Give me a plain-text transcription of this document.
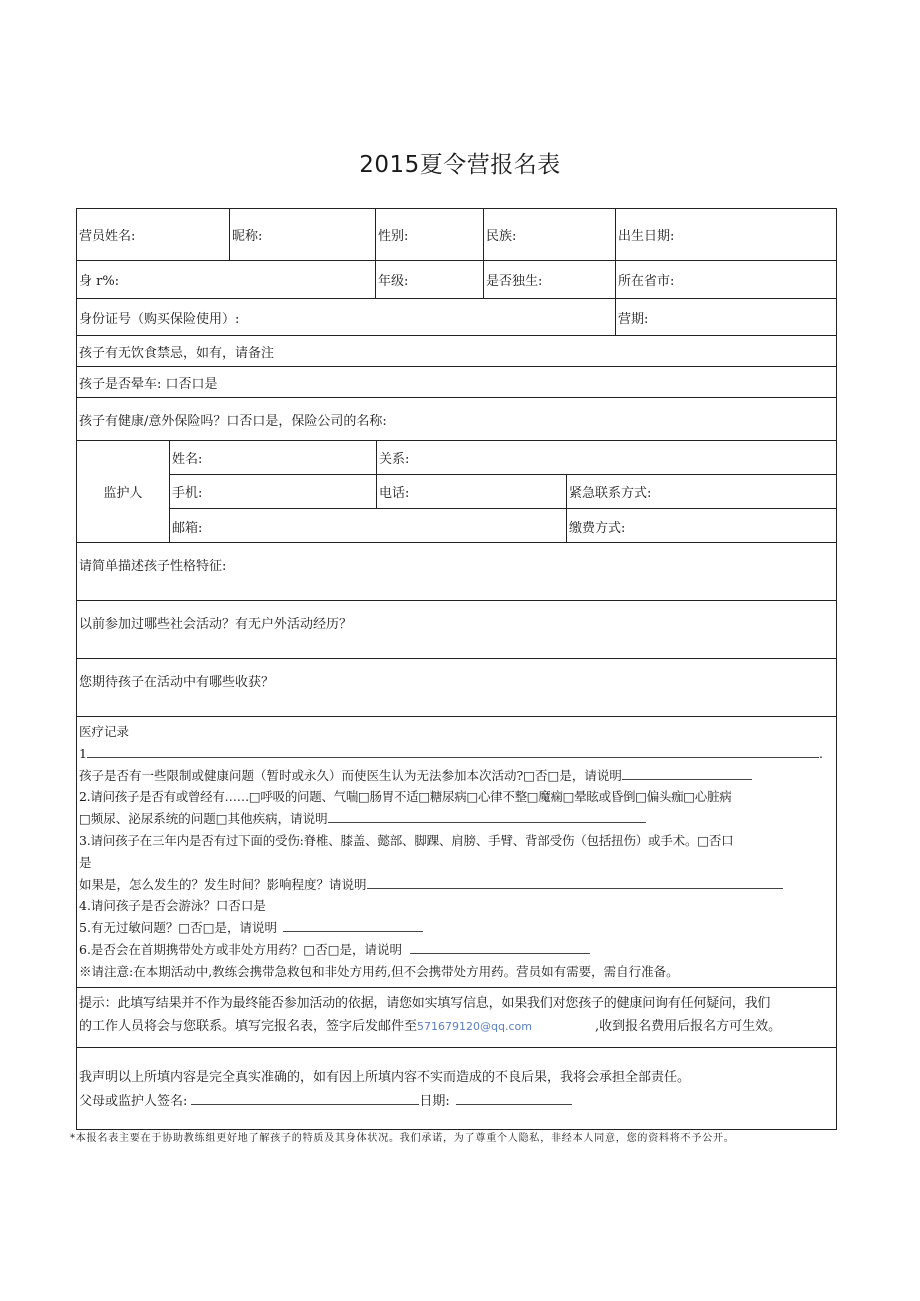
2015夏令营报名表
营员姓名:	昵称:	性别:	民族:	出生日期:
身 r%:	年级:	是否独生:	所在省市:
身份证号（购买保险使用）:	营期:
孩子有无饮食禁忌，如有，请备注
孩子是否晕车: 口否口是
孩子有健康/意外保险吗？口否口是，保险公司的名称:
监护人
姓名:	关系:
手机:	电话:	紧急联系方式:
邮箱:	缴费方式:
请简单描述孩子性格特征:
以前参加过哪些社会活动？有无户外活动经历？
您期待孩子在活动中有哪些收获？
医疗记录
1	.
孩子是否有一些限制或健康问题（暂时或永久）而使医生认为无法参加本次活动?□否□是，请说明
2.请问孩子是否有或曾经有……□呼吸的问题、气喘□肠胃不适□糖尿病□心律不整□魔痫□晕眩或昏倒□偏头痂□心脏病
□频尿、泌尿系统的问题□其他疾病，请说明
3.请问孩子在三年内是否有过下面的受伤:脊椎、膝盖、懿部、脚踝、肩膀、手臂、背部受伤（包括扭伤）或手术。□否口
是
如果是，怎么发生的？发生时间？影响程度？请说明
4.请问孩子是否会游泳？口否口是
5.有无过敏问题？□否□是，请说明
6.是否会在首期携带处方或非处方用药？□否□是，请说明
※请注意:在本期活动中,教练会携带急救包和非处方用药,但不会携带处方用药。营员如有需要，需自行准备。
提示：此填写结果并不作为最终能否参加活动的依据，请您如实填写信息，如果我们对您孩子的健康问询有任何疑问，我们
的工作人员将会与您联系。填写完报名表，签字后发邮件至571679120@qq.com	,收到报名费用后报名方可生效。
我声明以上所填内容是完全真实准确的，如有因上所填内容不实而造成的不良后果，我将会承担全部责任。
父母或监护人签名:	日期:
*本报名表主要在于协助教练组更好地了解孩子的特质及其身体状况。我们承诺，为了尊重个人隐私，非经本人同意，您的资料将不予公开。
